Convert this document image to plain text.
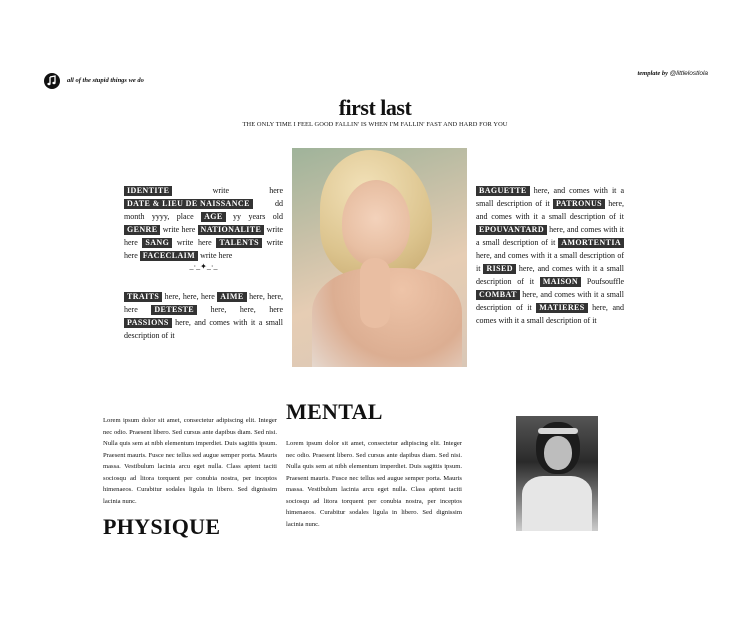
all of the stupid things we do
template by @littlelostlola
first last
THE ONLY TIME I FEEL GOOD FALLIN' IS WHEN I'M FALLIN' FAST AND HARD FOR YOU
IDENTITE	write here DATE & LIEU DE NAISSANCE	dd month yyyy, place AGE yy years old GENRE write here NATIONALITE write here SANG write here TALENTS write here FACECLAIM write here
_·_✦_·_
TRAITS here, here, here AIME here, here, here DETESTE here, here, here PASSIONS here, and comes with it a small description of it
BAGUETTE here, and comes with it a small description of it PATRONUS here, and comes with it a small description of it EPOUVANTARD here, and comes with it a small description of it AMORTENTIA here, and comes with it a small description of it RISED here, and comes with it a small description of it MAISON Poufsouffle COMBAT here, and comes with it a small description of it MATIERES here, and comes with it a small description of it
Lorem ipsum dolor sit amet, consectetur adipiscing elit. Integer nec odio. Praesent libero. Sed cursus ante dapibus diam. Sed nisi. Nulla quis sem at nibh elementum imperdiet. Duis sagittis ipsum. Praesent mauris. Fusce nec tellus sed augue semper porta. Mauris massa. Vestibulum lacinia arcu eget nulla. Class aptent taciti sociosqu ad litora torquent per conubia nostra, per inceptos himenaeos. Curabitur sodales ligula in libero. Sed dignissim lacinia nunc.
PHYSIQUE
MENTAL
Lorem ipsum dolor sit amet, consectetur adipiscing elit. Integer nec odio. Praesent libero. Sed cursus ante dapibus diam. Sed nisi. Nulla quis sem at nibh elementum imperdiet. Duis sagittis ipsum. Praesent mauris. Fusce nec tellus sed augue semper porta. Mauris massa. Vestibulum lacinia arcu eget nulla. Class aptent taciti sociosqu ad litora torquent per conubia nostra, per inceptos himenaeos. Curabitur sodales ligula in libero. Sed dignissim lacinia nunc.
